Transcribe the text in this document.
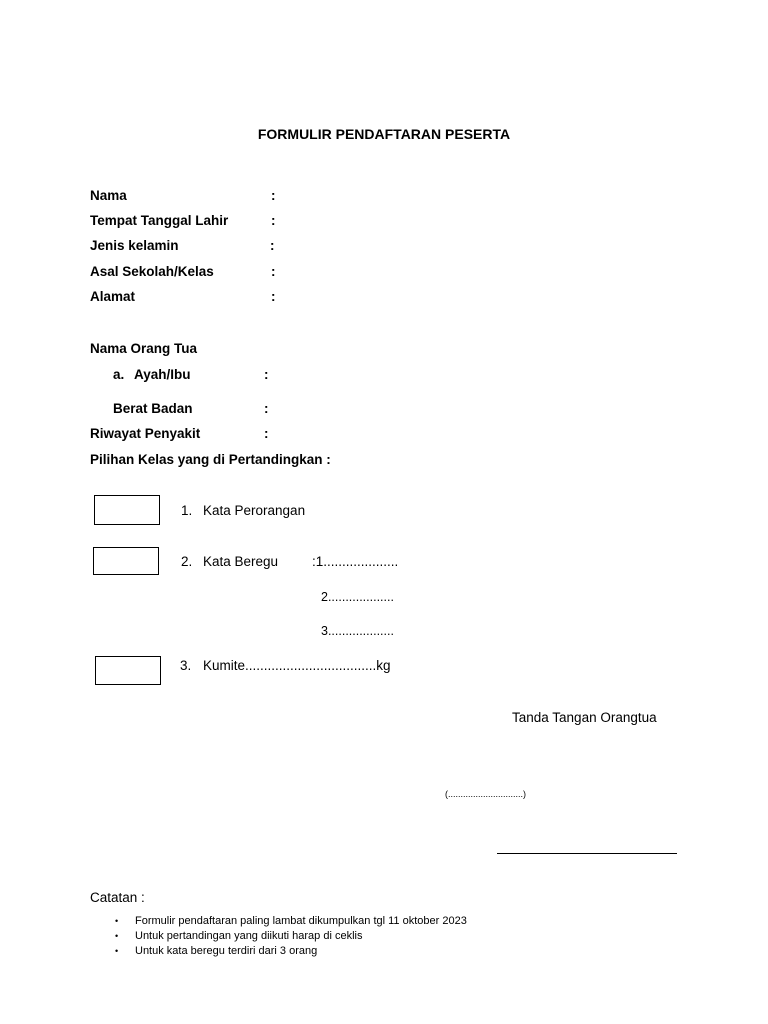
FORMULIR PENDAFTARAN PESERTA
Nama	:
Tempat Tanggal Lahir	:
Jenis kelamin	:
Asal Sekolah/Kelas	:
Alamat	:
Nama Orang Tua
a. Ayah/Ibu	:
Berat Badan	:
Riwayat Penyakit	:
Pilihan Kelas yang di Pertandingkan :
1. Kata Perorangan
2. Kata Beregu	:1....................
2...................
3...................
3. Kumite...................................kg
Tanda Tangan Orangtua
(..............................)
Catatan :
• Formulir pendaftaran paling lambat dikumpulkan tgl 11 oktober 2023
• Untuk pertandingan yang diikuti harap di ceklis
• Untuk kata beregu terdiri dari 3 orang
